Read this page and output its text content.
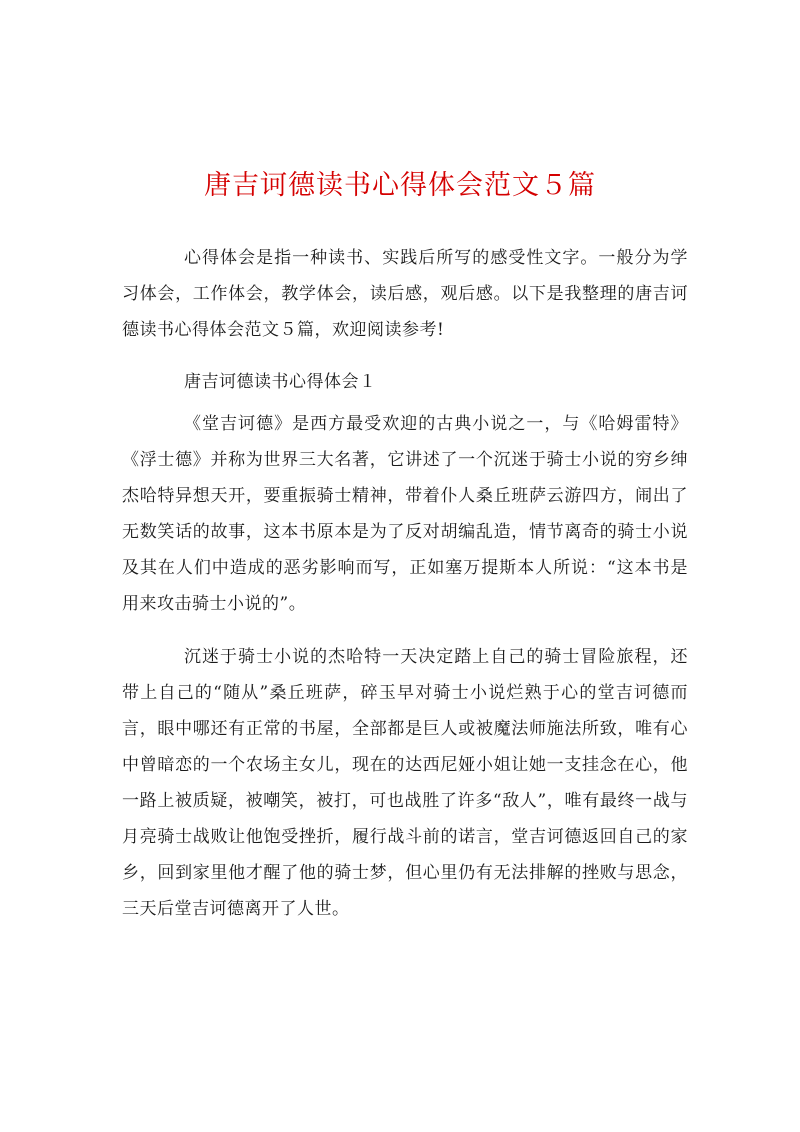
唐吉诃德读书心得体会范文５篇

心得体会是指一种读书、实践后所写的感受性文字。一般分为学习体会，工作体会，教学体会，读后感，观后感。以下是我整理的唐吉诃德读书心得体会范文５篇，欢迎阅读参考!

唐吉诃德读书心得体会１

《堂吉诃德》是西方最受欢迎的古典小说之一，与《哈姆雷特》《浮士德》并称为世界三大名著，它讲述了一个沉迷于骑士小说的穷乡绅杰哈特异想天开，要重振骑士精神，带着仆人桑丘班萨云游四方，闹出了无数笑话的故事，这本书原本是为了反对胡编乱造，情节离奇的骑士小说及其在人们中造成的恶劣影响而写，正如塞万提斯本人所说：“这本书是用来攻击骑士小说的”。

沉迷于骑士小说的杰哈特一天决定踏上自己的骑士冒险旅程，还带上自己的“随从”桑丘班萨，碎玉早对骑士小说烂熟于心的堂吉诃德而言，眼中哪还有正常的书屋，全部都是巨人或被魔法师施法所致，唯有心中曾暗恋的一个农场主女儿，现在的达西尼娅小姐让她一支挂念在心，他一路上被质疑，被嘲笑，被打，可也战胜了许多“敌人”，唯有最终一战与月亮骑士战败让他饱受挫折，履行战斗前的诺言，堂吉诃德返回自己的家乡，回到家里他才醒了他的骑士梦，但心里仍有无法排解的挫败与思念，三天后堂吉诃德离开了人世。
